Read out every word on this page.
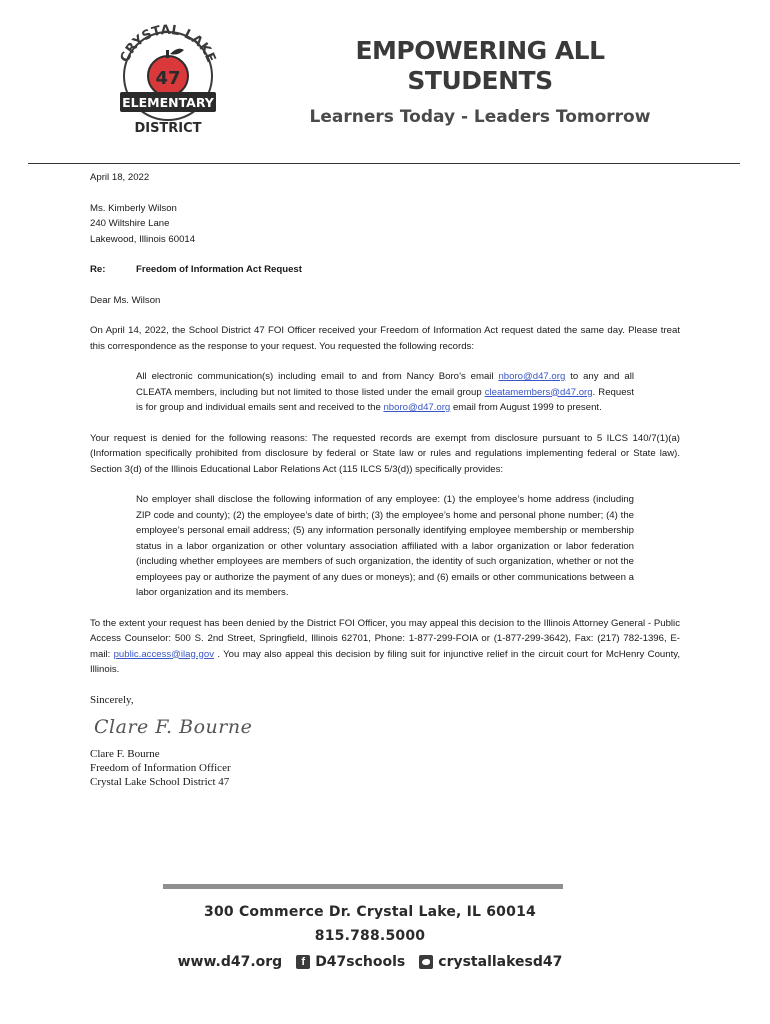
CRYSTAL LAKE
47
ELEMENTARY
DISTRICT
EMPOWERING ALL STUDENTS
Learners Today - Leaders Tomorrow

April 18, 2022

Ms. Kimberly Wilson

240 Wiltshire Lane

Lakewood, Illinois 60014

Re:	Freedom of Information Act Request

Dear Ms. Wilson

On April 14, 2022, the School District 47 FOI Officer received your Freedom of Information Act request dated the same day. Please treat this correspondence as the response to your request. You requested the following records:

All electronic communication(s) including email to and from Nancy Boro’s email nboro@d47.org to any and all CLEATA members, including but not limited to those listed under the email group cleatamembers@d47.org. Request is for group and individual emails sent and received to the nboro@d47.org email from August 1999 to present.

Your request is denied for the following reasons: The requested records are exempt from disclosure pursuant to 5 ILCS 140/7(1)(a) (Information specifically prohibited from disclosure by federal or State law or rules and regulations implementing federal or State law). Section 3(d) of the Illinois Educational Labor Relations Act (115 ILCS 5/3(d)) specifically provides:

No employer shall disclose the following information of any employee: (1) the employee’s home address (including ZIP code and county); (2) the employee’s date of birth; (3) the employee’s home and personal phone number; (4) the employee’s personal email address; (5) any information personally identifying employee membership or membership status in a labor organization or other voluntary association affiliated with a labor organization or labor federation (including whether employees are members of such organization, the identity of such organization, whether or not the employees pay or authorize the payment of any dues or moneys); and (6) emails or other communications between a labor organization and its members.

To the extent your request has been denied by the District FOI Officer, you may appeal this decision to the Illinois Attorney General - Public Access Counselor: 500 S. 2nd Street, Springfield, Illinois 62701, Phone: 1-877-299-FOIA or (1-877-299-3642), Fax: (217) 782-1396, E-mail: public.access@ilag.gov . You may also appeal this decision by filing suit for injunctive relief in the circuit court for McHenry County, Illinois.

Sincerely,

Clare F. Bourne

Clare F. Bourne

Freedom of Information Officer

Crystal Lake School District 47

300 Commerce Dr. Crystal Lake, IL 60014 815.788.5000
www.d47.org	f D47schools crystallakesd47
